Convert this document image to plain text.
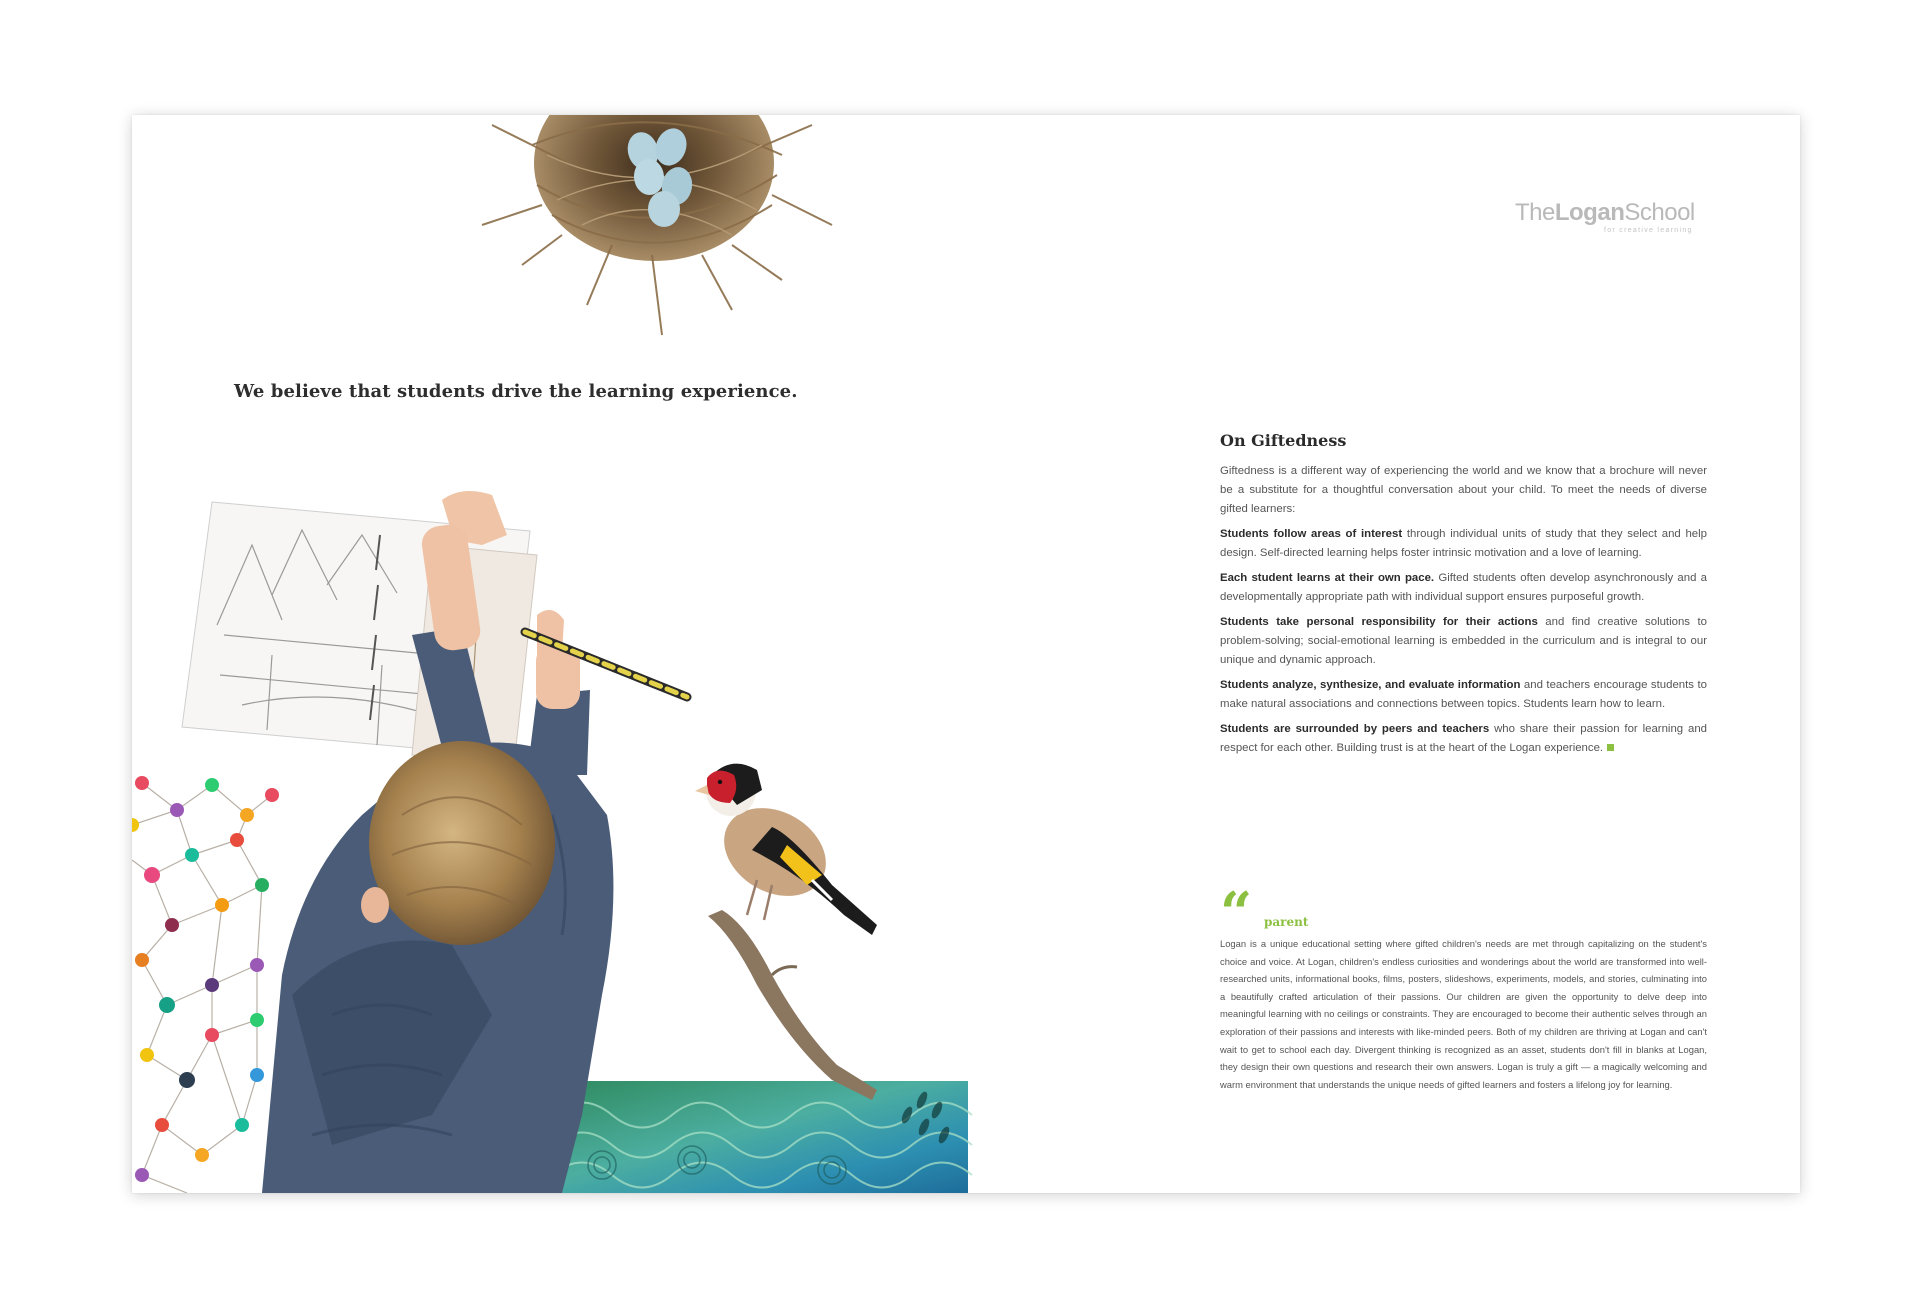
We believe that students drive the learning experience.
TheLoganSchool
for creative learning
On Giftedness

Giftedness is a different way of experiencing the world and we know that a brochure will never be a substitute for a thoughtful conversation about your child. To meet the needs of diverse gifted learners:

Students follow areas of interest through individual units of study that they select and help design. Self-directed learning helps foster intrinsic motivation and a love of learning.

Each student learns at their own pace. Gifted students often develop asynchronously and a developmentally appropriate path with individual support ensures purposeful growth.

Students take personal responsibility for their actions and find creative solutions to problem-solving; social-emotional learning is embedded in the curriculum and is integral to our unique and dynamic approach.

Students analyze, synthesize, and evaluate information and teachers encourage students to make natural associations and connections between topics. Students learn how to learn.

Students are surrounded by peers and teachers who share their passion for learning and respect for each other. Building trust is at the heart of the Logan experience.

“ parent

Logan is a unique educational setting where gifted children's needs are met through capitalizing on the student's choice and voice. At Logan, children's endless curiosities and wonderings about the world are transformed into well-researched units, informational books, films, posters, slideshows, experiments, models, and stories, culminating into a beautifully crafted articulation of their passions. Our children are given the opportunity to delve deep into meaningful learning with no ceilings or constraints. They are encouraged to become their authentic selves through an exploration of their passions and interests with like-minded peers. Both of my children are thriving at Logan and can't wait to get to school each day. Divergent thinking is recognized as an asset, students don't fill in blanks at Logan, they design their own questions and research their own answers. Logan is truly a gift — a magically welcoming and warm environment that understands the unique needs of gifted learners and fosters a lifelong joy for learning.
